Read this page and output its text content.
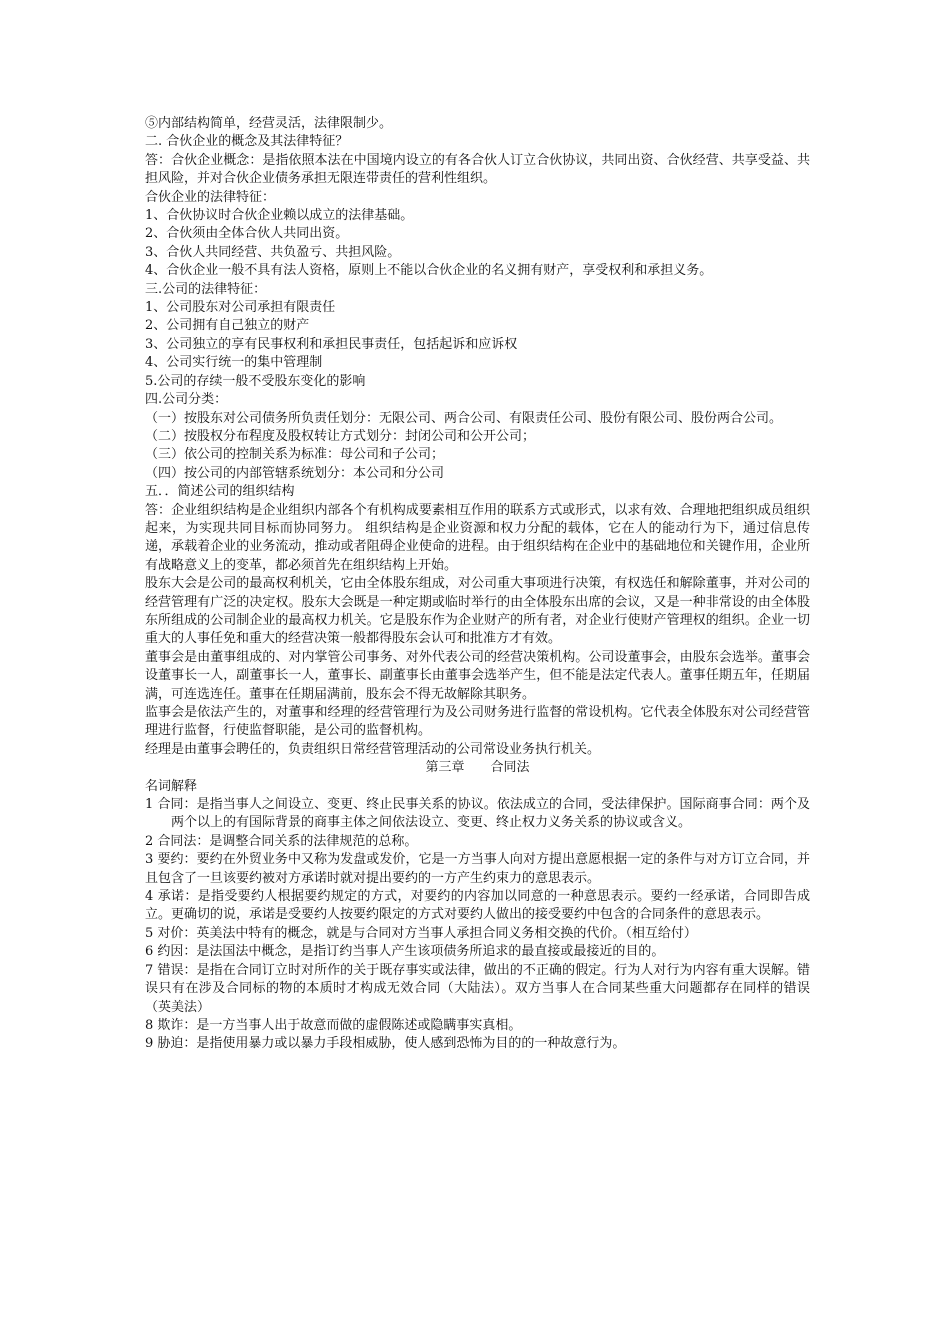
⑤内部结构简单，经营灵活，法律限制少。

二. 合伙企业的概念及其法律特征？

答：合伙企业概念：是指依照本法在中国境内设立的有各合伙人订立合伙协议，共同出资、合伙经营、共享受益、共担风险，并对合伙企业债务承担无限连带责任的营利性组织。

合伙企业的法律特征：

1、合伙协议时合伙企业赖以成立的法律基础。

2、合伙须由全体合伙人共同出资。

3、合伙人共同经营、共负盈亏、共担风险。

4、合伙企业一般不具有法人资格，原则上不能以合伙企业的名义拥有财产，享受权利和承担义务。

三.公司的法律特征：

1、公司股东对公司承担有限责任

2、公司拥有自己独立的财产

3、公司独立的享有民事权利和承担民事责任，包括起诉和应诉权

4、公司实行统一的集中管理制

5.公司的存续一般不受股东变化的影响

四.公司分类：

（一）按股东对公司债务所负责任划分：无限公司、两合公司、有限责任公司、股份有限公司、股份两合公司。

（二）按股权分布程度及股权转让方式划分：封闭公司和公开公司；

（三）依公司的控制关系为标准：母公司和子公司；

（四）按公司的内部管辖系统划分：本公司和分公司

五．．简述公司的组织结构

答：企业组织结构是企业组织内部各个有机构成要素相互作用的联系方式或形式，以求有效、合理地把组织成员组织起来，为实现共同目标而协同努力。 组织结构是企业资源和权力分配的载体，它在人的能动行为下，通过信息传递，承载着企业的业务流动，推动或者阻碍企业使命的进程。由于组织结构在企业中的基础地位和关键作用，企业所有战略意义上的变革，都必须首先在组织结构上开始。

股东大会是公司的最高权利机关，它由全体股东组成，对公司重大事项进行决策，有权选任和解除董事，并对公司的经营管理有广泛的决定权。股东大会既是一种定期或临时举行的由全体股东出席的会议，又是一种非常设的由全体股东所组成的公司制企业的最高权力机关。它是股东作为企业财产的所有者，对企业行使财产管理权的组织。企业一切重大的人事任免和重大的经营决策一般都得股东会认可和批准方才有效。

董事会是由董事组成的、对内掌管公司事务、对外代表公司的经营决策机构。公司设董事会，由股东会选举。董事会设董事长一人，副董事长一人，董事长、副董事长由董事会选举产生，但不能是法定代表人。董事任期五年，任期届满，可连选连任。董事在任期届满前，股东会不得无故解除其职务。

监事会是依法产生的，对董事和经理的经营管理行为及公司财务进行监督的常设机构。它代表全体股东对公司经营管理进行监督，行使监督职能，是公司的监督机构。

经理是由董事会聘任的，负责组织日常经营管理活动的公司常设业务执行机关。

第三章　　合同法

名词解释

1 合同：是指当事人之间设立、变更、终止民事关系的协议。依法成立的合同，受法律保护。国际商事合同：两个及两个以上的有国际背景的商事主体之间依法设立、变更、终止权力义务关系的协议或含义。

2 合同法：是调整合同关系的法律规范的总称。

3 要约：要约在外贸业务中又称为发盘或发价，它是一方当事人向对方提出意愿根据一定的条件与对方订立合同，并且包含了一旦该要约被对方承诺时就对提出要约的一方产生约束力的意思表示。

4 承诺：是指受要约人根据要约规定的方式，对要约的内容加以同意的一种意思表示。要约一经承诺，合同即告成立。更确切的说，承诺是受要约人按要约限定的方式对要约人做出的接受要约中包含的合同条件的意思表示。

5 对价：英美法中特有的概念，就是与合同对方当事人承担合同义务相交换的代价。（相互给付）

6 约因：是法国法中概念，是指订约当事人产生该项债务所追求的最直接或最接近的目的。

7 错误：是指在合同订立时对所作的关于既存事实或法律，做出的不正确的假定。行为人对行为内容有重大误解。错误只有在涉及合同标的物的本质时才构成无效合同（大陆法）。双方当事人在合同某些重大问题都存在同样的错误（英美法）

8 欺诈：是一方当事人出于故意而做的虚假陈述或隐瞒事实真相。

9 胁迫：是指使用暴力或以暴力手段相威胁，使人感到恐怖为目的的一种故意行为。
